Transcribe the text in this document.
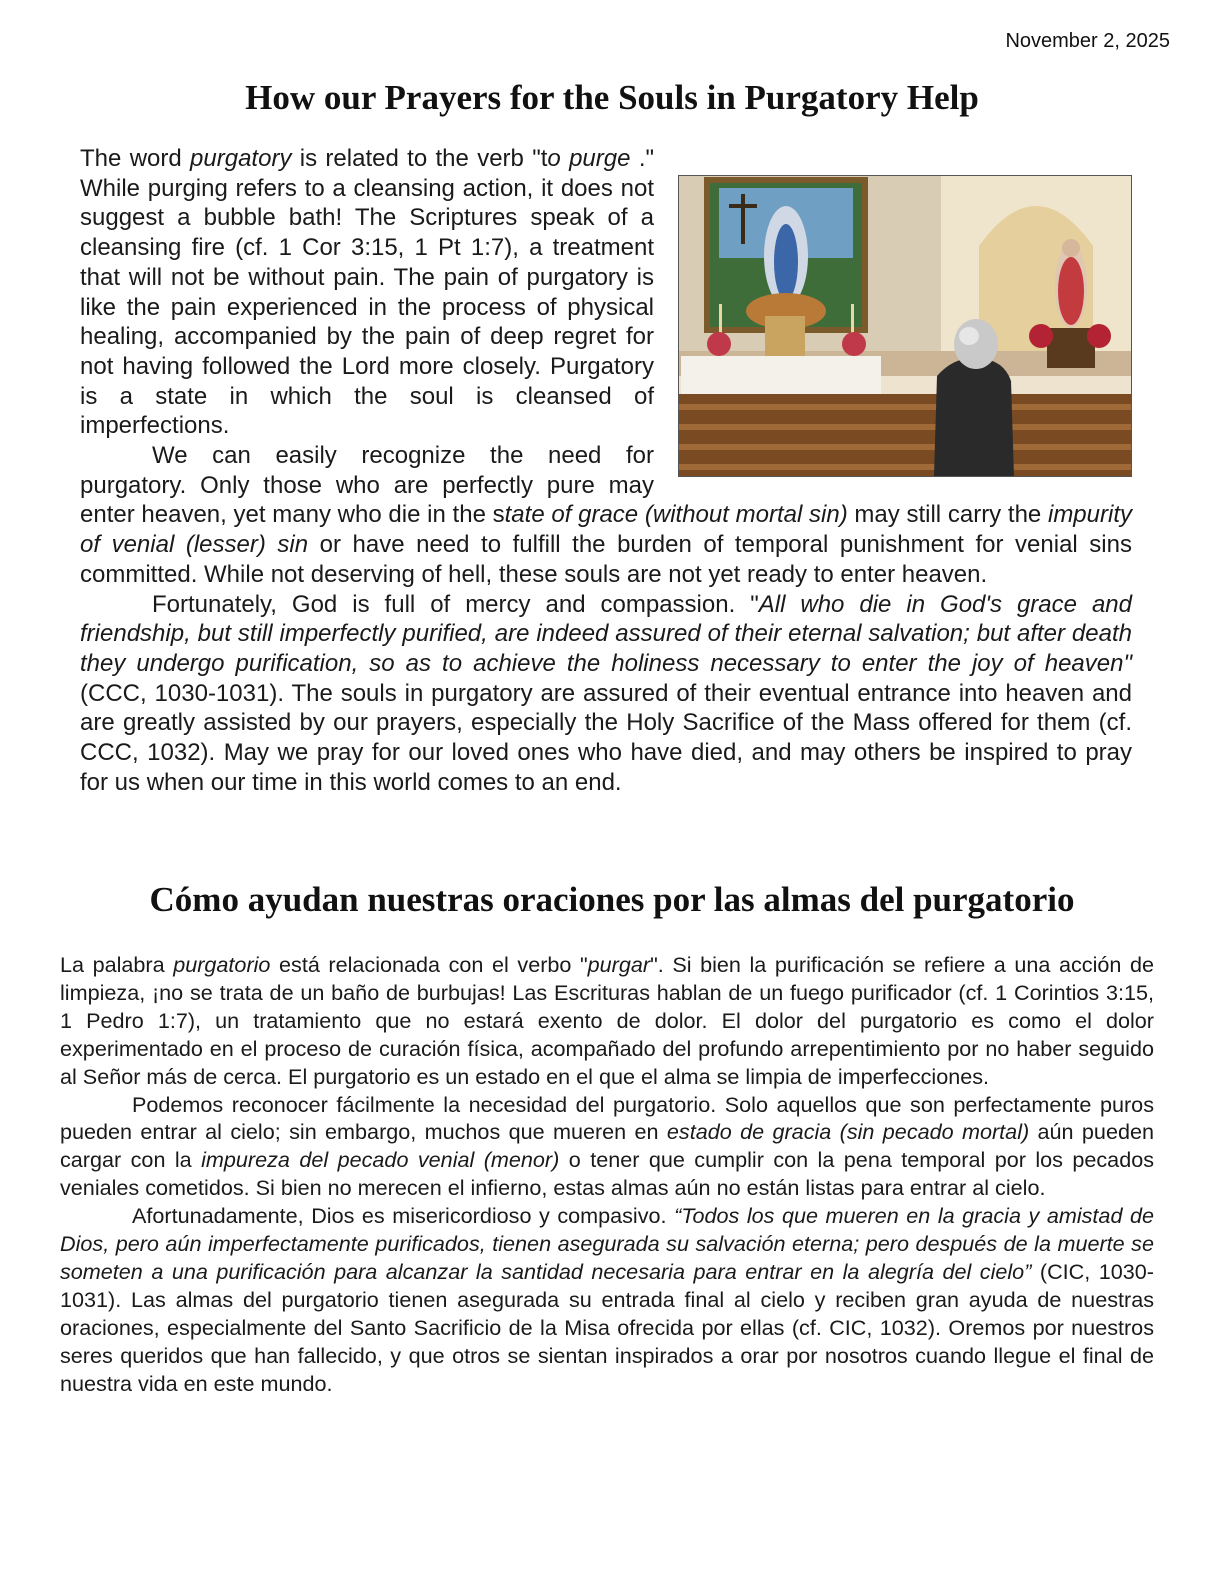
November 2, 2025
How our Prayers for the Souls in Purgatory Help

The word purgatory is related to the verb "to purge ." While purging refers to a cleansing action, it does not suggest a bubble bath! The Scriptures speak of a cleansing fire (cf. 1 Cor 3:15, 1 Pt 1:7), a treatment that will not be without pain. The pain of purgatory is like the pain experienced in the process of physical healing, accompanied by the pain of deep regret for not having followed the Lord more closely. Purgatory is a state in which the soul is cleansed of imperfections.

We can easily recognize the need for purgatory. Only those who are perfectly pure may enter heaven, yet many who die in the state of grace (without mortal sin) may still carry the impurity of venial (lesser) sin or have need to fulfill the burden of temporal punishment for venial sins committed. While not deserving of hell, these souls are not yet ready to enter heaven.

Fortunately, God is full of mercy and compassion. "All who die in God's grace and friendship, but still imperfectly purified, are indeed assured of their eternal salvation; but after death they undergo purification, so as to achieve the holiness necessary to enter the joy of heaven" (CCC, 1030-1031). The souls in purgatory are assured of their eventual entrance into heaven and are greatly assisted by our prayers, especially the Holy Sacrifice of the Mass offered for them (cf. CCC, 1032). May we pray for our loved ones who have died, and may others be inspired to pray for us when our time in this world comes to an end.

Cómo ayudan nuestras oraciones por las almas del purgatorio

La palabra purgatorio está relacionada con el verbo "purgar". Si bien la purificación se refiere a una acción de limpieza, ¡no se trata de un baño de burbujas! Las Escrituras hablan de un fuego purificador (cf. 1 Corintios 3:15, 1 Pedro 1:7), un tratamiento que no estará exento de dolor. El dolor del purgatorio es como el dolor experimentado en el proceso de curación física, acompañado del profundo arrepentimiento por no haber seguido al Señor más de cerca. El purgatorio es un estado en el que el alma se limpia de imperfecciones.

Podemos reconocer fácilmente la necesidad del purgatorio. Solo aquellos que son perfectamente puros pueden entrar al cielo; sin embargo, muchos que mueren en estado de gracia (sin pecado mortal) aún pueden cargar con la impureza del pecado venial (menor) o tener que cumplir con la pena temporal por los pecados veniales cometidos. Si bien no merecen el infierno, estas almas aún no están listas para entrar al cielo.

Afortunadamente, Dios es misericordioso y compasivo. “Todos los que mueren en la gracia y amistad de Dios, pero aún imperfectamente purificados, tienen asegurada su salvación eterna; pero después de la muerte se someten a una purificación para alcanzar la santidad necesaria para entrar en la alegría del cielo” (CIC, 1030-1031). Las almas del purgatorio tienen asegurada su entrada final al cielo y reciben gran ayuda de nuestras oraciones, especialmente del Santo Sacrificio de la Misa ofrecida por ellas (cf. CIC, 1032). Oremos por nuestros seres queridos que han fallecido, y que otros se sientan inspirados a orar por nosotros cuando llegue el final de nuestra vida en este mundo.
